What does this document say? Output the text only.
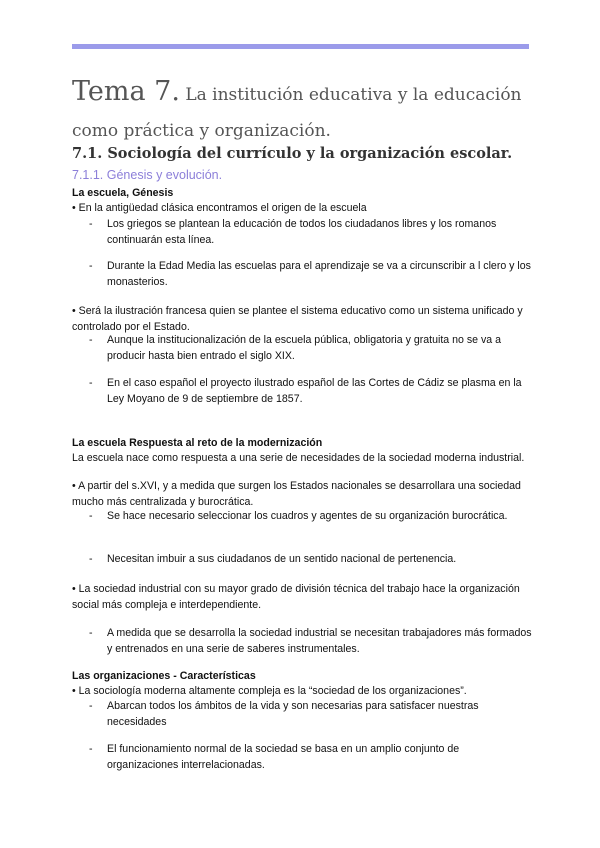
Tema 7. La institución educativa y la educación como práctica y organización.
7.1. Sociología del currículo y la organización escolar.
7.1.1. Génesis y evolución.
La escuela, Génesis
• En la antigüedad clásica encontramos el origen de la escuela
- Los griegos se plantean la educación de todos los ciudadanos libres y los romanos continuarán esta línea.
- Durante la Edad Media las escuelas para el aprendizaje se va a circunscribir a l clero y los monasterios.
• Será la ilustración francesa quien se plantee el sistema educativo como un sistema unificado y controlado por el Estado.
- Aunque la institucionalización de la escuela pública, obligatoria y gratuita no se va a producir hasta bien entrado el siglo XIX.
- En el caso español el proyecto ilustrado español de las Cortes de Cádiz se plasma en la Ley Moyano de 9 de septiembre de 1857.
La escuela Respuesta al reto de la modernización
La escuela nace como respuesta a una serie de necesidades de la sociedad moderna industrial.
• A partir del s.XVI, y a medida que surgen los Estados nacionales se desarrollara una sociedad mucho más centralizada y burocrática.
- Se hace necesario seleccionar los cuadros y agentes de su organización burocrática.
- Necesitan imbuir a sus ciudadanos de un sentido nacional de pertenencia.
• La sociedad industrial con su mayor grado de división técnica del trabajo hace la organización social más compleja e interdependiente.
- A medida que se desarrolla la sociedad industrial se necesitan trabajadores más formados y entrenados en una serie de saberes instrumentales.
Las organizaciones - Características
• La sociología moderna altamente compleja es la “sociedad de los organizaciones”.
- Abarcan todos los ámbitos de la vida y son necesarias para satisfacer nuestras necesidades
- El funcionamiento normal de la sociedad se basa en un amplio conjunto de organizaciones interrelacionadas.
